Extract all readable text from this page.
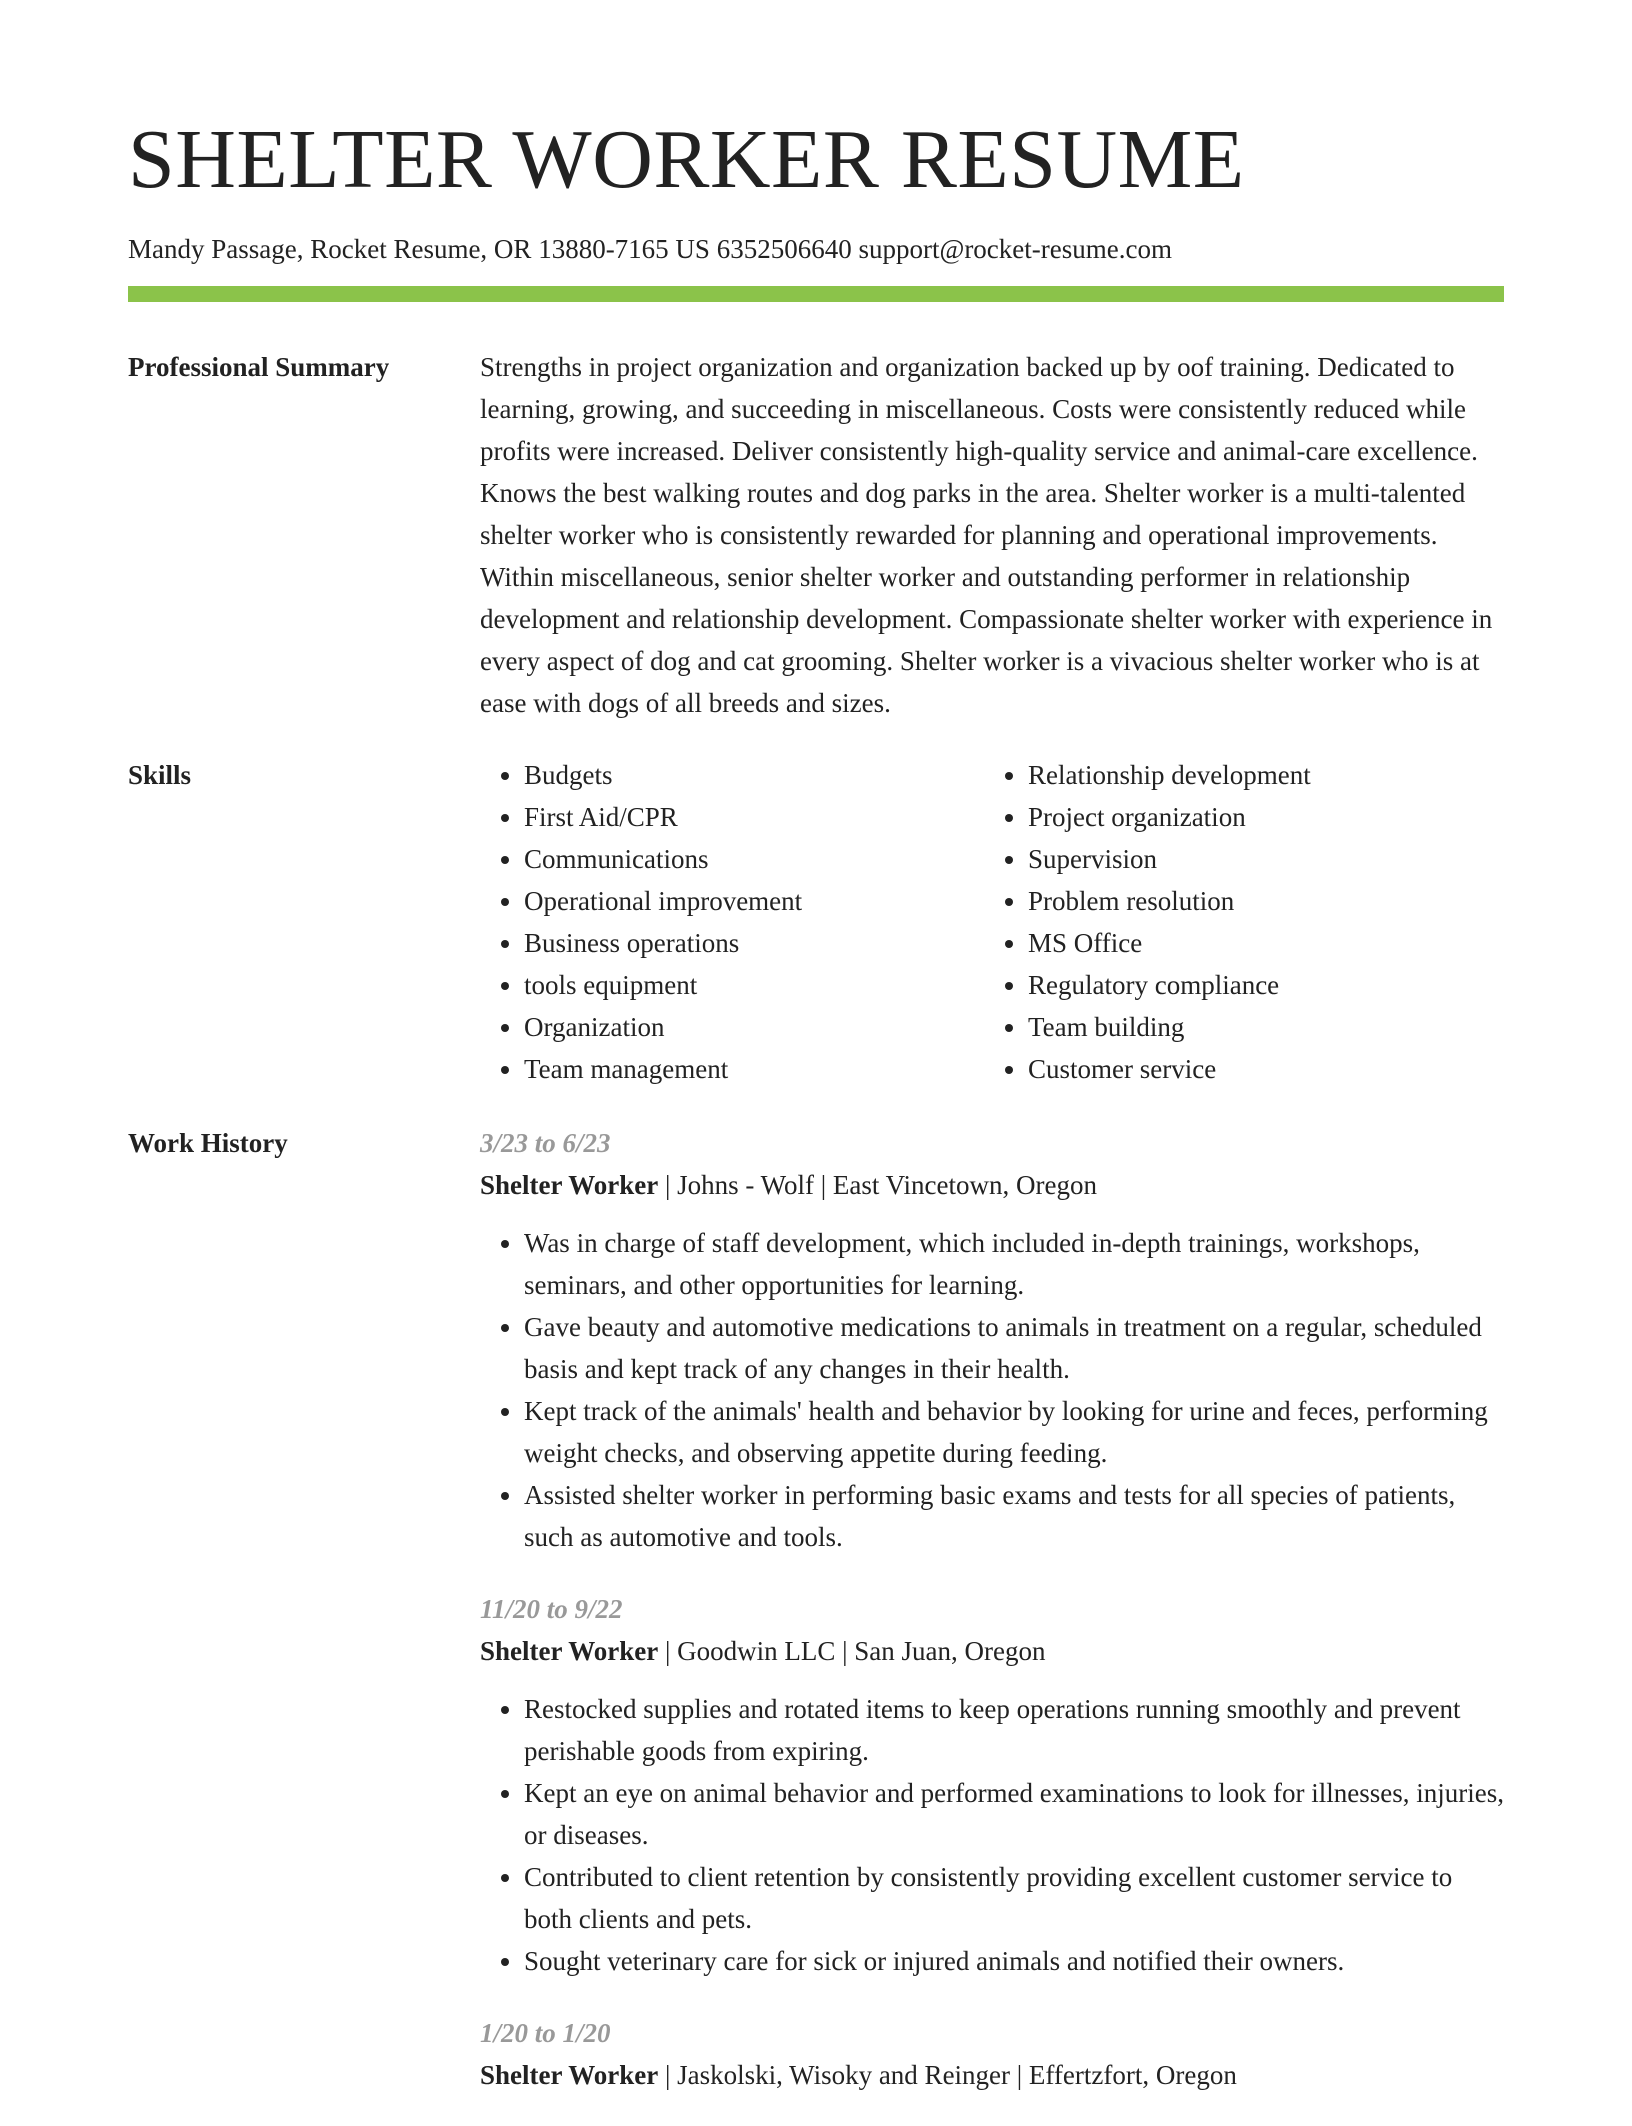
SHELTER WORKER RESUME
Mandy Passage, Rocket Resume, OR 13880-7165 US 6352506640 support@rocket-resume.com
Professional Summary	Strengths in project organization and organization backed up by oof training. Dedicated to learning, growing, and succeeding in miscellaneous. Costs were consistently reduced while profits were increased. Deliver consistently high-quality service and animal-care excellence. Knows the best walking routes and dog parks in the area. Shelter worker is a multi-talented shelter worker who is consistently rewarded for planning and operational improvements. Within miscellaneous, senior shelter worker and outstanding performer in relationship development and relationship development. Compassionate shelter worker with experience in every aspect of dog and cat grooming. Shelter worker is a vivacious shelter worker who is at ease with dogs of all breeds and sizes.

Skills
•	Budgets
• First Aid/CPR
• Communications
• Operational improvement
• Business operations
• tools equipment
• Organization
• Team management
• Relationship development
• Project organization
• Supervision
• Problem resolution
• MS Office
• Regulatory compliance
• Team building
• Customer service
Work History	3/23 to 6/23
Shelter Worker | Johns - Wolf | East Vincetown, Oregon
• Was in charge of staff development, which included in-depth trainings, workshops, seminars, and other opportunities for learning.
• Gave beauty and automotive medications to animals in treatment on a regular, scheduled basis and kept track of any changes in their health.
• Kept track of the animals' health and behavior by looking for urine and feces, performing weight checks, and observing appetite during feeding.
• Assisted shelter worker in performing basic exams and tests for all species of patients, such as automotive and tools.
11/20 to 9/22
Shelter Worker | Goodwin LLC | San Juan, Oregon
• Restocked supplies and rotated items to keep operations running smoothly and prevent perishable goods from expiring.
• Kept an eye on animal behavior and performed examinations to look for illnesses, injuries, or diseases.
• Contributed to client retention by consistently providing excellent customer service to both clients and pets.
• Sought veterinary care for sick or injured animals and notified their owners.
1/20 to 1/20
Shelter Worker | Jaskolski, Wisoky and Reinger | Effertzfort, Oregon
